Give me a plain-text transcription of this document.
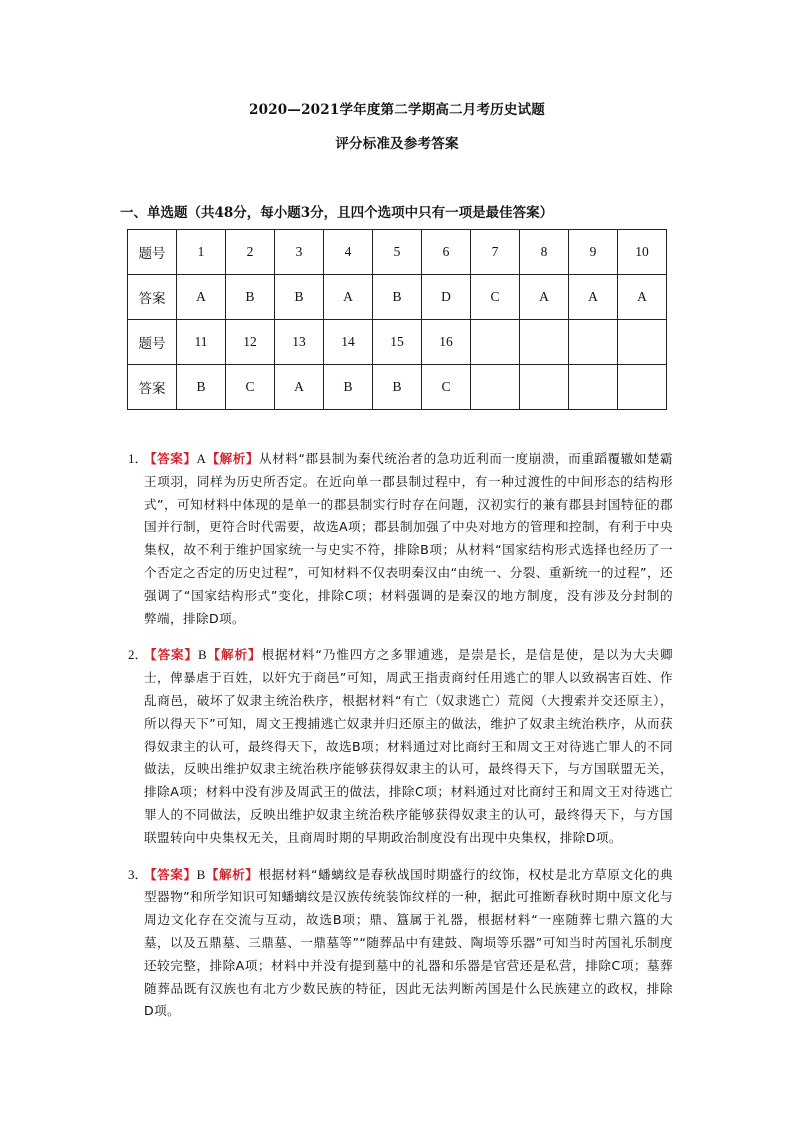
2020—2021学年度第二学期高二月考历史试题
评分标准及参考答案
一、单选题（共48分，每小题3分，且四个选项中只有一项是最佳答案）
题号	1	2	3	4	5	6	7	8	9	10
答案	A	B	B	A	B	D	C	A	A	A
题号	11	12	13	14	15	16				
答案	B	C	A	B	B	C				
1．
【答案】A【解析】从材料“郡县制为秦代统治者的急功近利而一度崩溃，而重蹈覆辙如楚霸王项羽，同样为历史所否定。在近向单一郡县制过程中，有一种过渡性的中间形态的结构形式”，可知材料中体现的是单一的郡县制实行时存在问题，汉初实行的兼有郡县封国特征的郡国并行制，更符合时代需要，故选A项；郡县制加强了中央对地方的管理和控制，有利于中央集权，故不利于维护国家统一与史实不符，排除B项；从材料“国家结构形式选择也经历了一个否定之否定的历史过程”，可知材料不仅表明秦汉由“由统一、分裂、重新统一的过程”，还强调了“国家结构形式”变化，排除C项；材料强调的是秦汉的地方制度，没有涉及分封制的弊端，排除D项。
2．
【答案】B【解析】根据材料“乃惟四方之多罪逋逃，是崇是长，是信是使，是以为大夫卿士，俾暴虐于百姓，以奸宄于商邑”可知，周武王指责商纣任用逃亡的罪人以致祸害百姓、作乱商邑，破坏了奴隶主统治秩序，根据材料“有亡（奴隶逃亡）荒阅（大搜索并交还原主），所以得天下”可知，周文王搜捕逃亡奴隶并归还原主的做法，维护了奴隶主统治秩序，从而获得奴隶主的认可，最终得天下，故选B项；材料通过对比商纣王和周文王对待逃亡罪人的不同做法，反映出维护奴隶主统治秩序能够获得奴隶主的认可，最终得天下，与方国联盟无关，排除A项；材料中没有涉及周武王的做法，排除C项；材料通过对比商纣王和周文王对待逃亡罪人的不同做法，反映出维护奴隶主统治秩序能够获得奴隶主的认可，最终得天下，与方国联盟转向中央集权无关，且商周时期的早期政治制度没有出现中央集权，排除D项。
3．
【答案】B【解析】根据材料“蟠螭纹是春秋战国时期盛行的纹饰，权杖是北方草原文化的典型器物”和所学知识可知蟠螭纹是汉族传统装饰纹样的一种，据此可推断春秋时期中原文化与周边文化存在交流与互动，故选B项；鼎、簋属于礼器，根据材料“一座随葬七鼎六簋的大墓，以及五鼎墓、三鼎墓、一鼎墓等”“随葬品中有建鼓、陶埙等乐器”可知当时芮国礼乐制度还较完整，排除A项；材料中并没有提到墓中的礼器和乐器是官营还是私营，排除C项；墓葬随葬品既有汉族也有北方少数民族的特征，因此无法判断芮国是什么民族建立的政权，排除D项。
